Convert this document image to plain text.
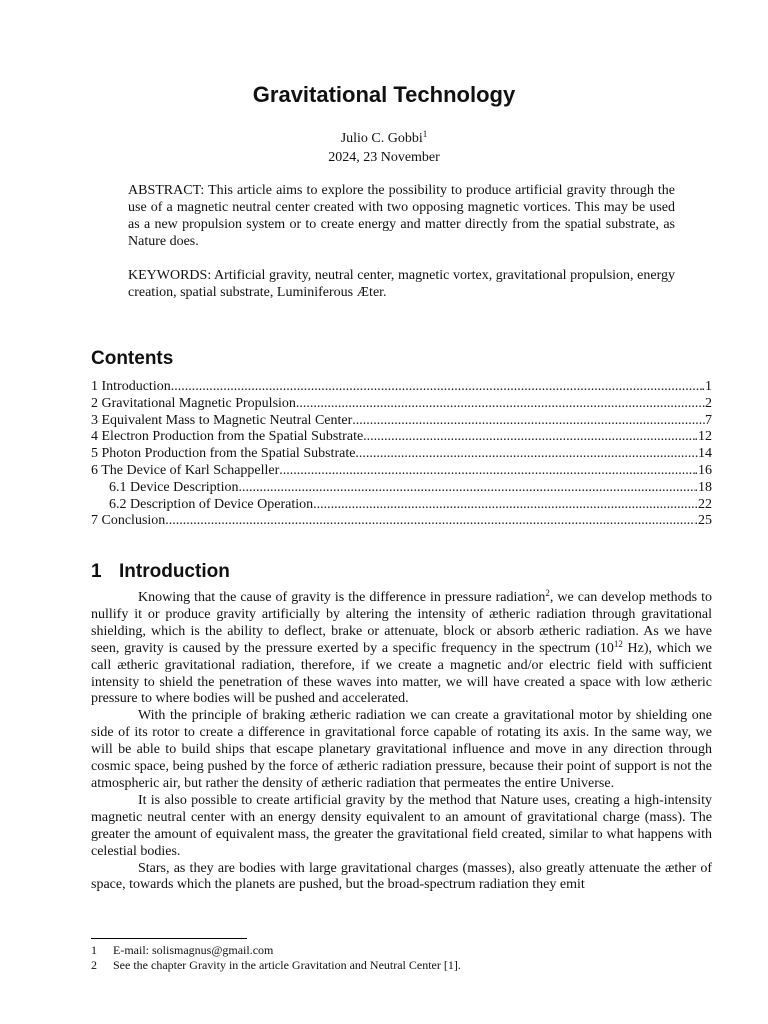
Gravitational Technology
Julio C. Gobbi$^1$
2024, 23 November
ABSTRACT: This article aims to explore the possibility to produce artificial gravity through the use of a magnetic neutral center created with two opposing magnetic vortices. This may be used as a new propulsion system or to create energy and matter directly from the spatial substrate, as Nature does.
KEYWORDS: Artificial gravity, neutral center, magnetic vortex, gravitational propulsion, energy creation, spatial substrate, Luminiferous Æter.
Contents
1 Introduction .....	.1
2 Gravitational Magnetic Propulsion .....	2
3 Equivalent Mass to Magnetic Neutral Center .....	7
4 Electron Production from the Spatial Substrate .....	.12
5 Photon Production from the Spatial Substrate .....	14
6 The Device of Karl Schappeller .....	.16
6.1 Device Description .....	.18
6.2 Description of Device Operation .....	.22
7 Conclusion .....	.25
1 Introduction

Knowing that the cause of gravity is the difference in pressure radiation$^2$, we can develop methods to nullify it or produce gravity artificially by altering the intensity of ætheric radiation through gravitational shielding, which is the ability to deflect, brake or attenuate, block or absorb ætheric radiation. As we have seen, gravity is caused by the pressure exerted by a specific frequency in the spectrum ($10^{12}$ Hz), which we call ætheric gravitational radiation, therefore, if we create a magnetic and/or electric field with sufficient intensity to shield the penetration of these waves into matter, we will have created a space with low ætheric pressure to where bodies will be pushed and accelerated.

With the principle of braking ætheric radiation we can create a gravitational motor by shielding one side of its rotor to create a difference in gravitational force capable of rotating its axis. In the same way, we will be able to build ships that escape planetary gravitational influence and move in any direction through cosmic space, being pushed by the force of ætheric radiation pressure, because their point of support is not the atmospheric air, but rather the density of ætheric radiation that permeates the entire Universe.

It is also possible to create artificial gravity by the method that Nature uses, creating a high-intensity magnetic neutral center with an energy density equivalent to an amount of gravitational charge (mass). The greater the amount of equivalent mass, the greater the gravitational field created, similar to what happens with celestial bodies.

Stars, as they are bodies with large gravitational charges (masses), also greatly attenuate the æther of space, towards which the planets are pushed, but the broad-spectrum radiation they emit

1	E-mail: solismagnus@gmail.com
2	See the chapter Gravity in the article Gravitation and Neutral Center [1].
